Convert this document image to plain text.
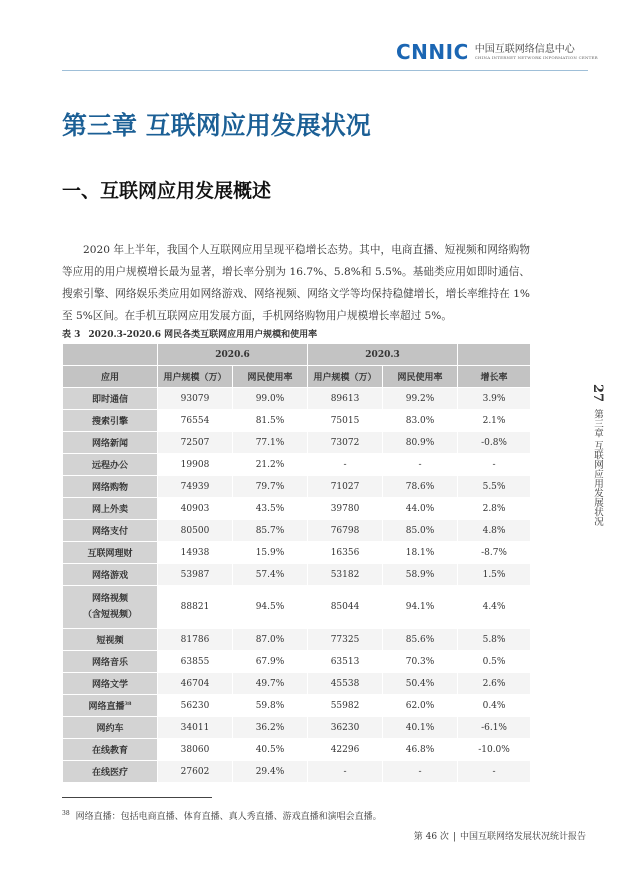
CNNIC 中国互联网络信息中心
CHINA INTERNET NETWORK INFORMATION CENTER
第三章 互联网应用发展状况
一、互联网应用发展概述

2020 年上半年，我国个人互联网应用呈现平稳增长态势。其中，电商直播、短视频和网络购物等应用的用户规模增长最为显著，增长率分别为 16.7%、5.8%和 5.5%。基础类应用如即时通信、搜索引擎、网络娱乐类应用如网络游戏、网络视频、网络文学等均保持稳健增长，增长率维持在 1%至 5%区间。在手机互联网应用发展方面，手机网络购物用户规模增长率超过 5%。

表 3 2020.3-2020.6 网民各类互联网应用用户规模和使用率
	2020.6		2020.3		
应用	用户规模（万）	网民使用率	用户规模（万）	网民使用率	增长率
即时通信	93079	99.0%	89613	99.2%	3.9%
搜索引擎	76554	81.5%	75015	83.0%	2.1%
网络新闻	72507	77.1%	73072	80.9%	-0.8%
远程办公	19908	21.2%	-	-	-
网络购物	74939	79.7%	71027	78.6%	5.5%
网上外卖	40903	43.5%	39780	44.0%	2.8%
网络支付	80500	85.7%	76798	85.0%	4.8%
互联网理财	14938	15.9%	16356	18.1%	-8.7%
网络游戏	53987	57.4%	53182	58.9%	1.5%
网络视频
（含短视频）	88821	94.5%	85044	94.1%	4.4%
短视频	81786	87.0%	77325	85.6%	5.8%
网络音乐	63855	67.9%	63513	70.3%	0.5%
网络文学	46704	49.7%	45538	50.4%	2.6%
网络直播$^{38}$	56230	59.8%	55982	62.0%	0.4%
网约车	34011	36.2%	36230	40.1%	-6.1%
在线教育	38060	40.5%	42296	46.8%	-10.0%
在线医疗	27602	29.4%	-	-	-
27 第三章 互联网应用发展状况
$^{38}$ 网络直播：包括电商直播、体育直播、真人秀直播、游戏直播和演唱会直播。
第 46 次 | 中国互联网络发展状况统计报告
